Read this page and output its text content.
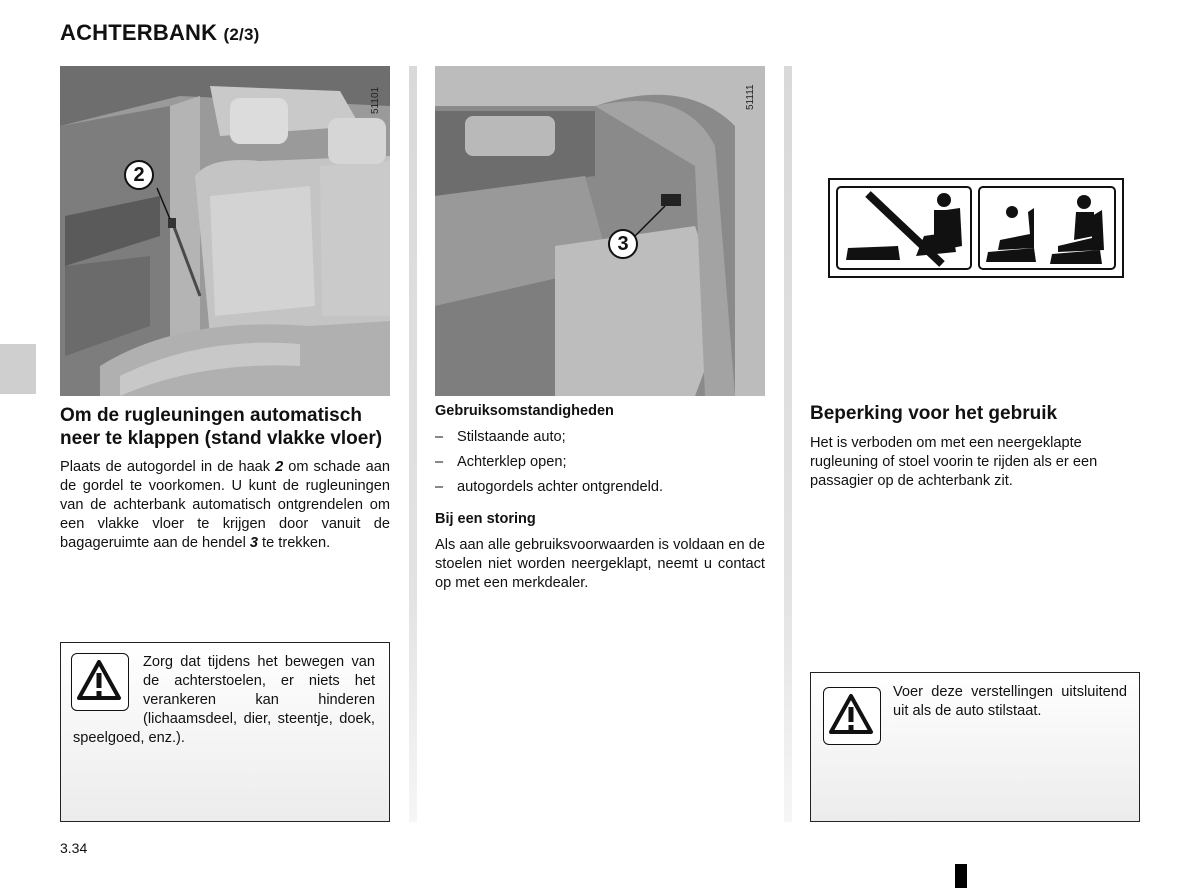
ACHTERBANK (2/3)
2
51101
Om de rugleuningen automatisch neer te klappen (stand vlakke vloer)

Plaats de autogordel in de haak 2 om schade aan de gordel te voorkomen. U kunt de rugleuningen van de achterbank automatisch ontgrendelen om een vlakke vloer te krijgen door vanuit de bagageruimte aan de hendel 3 te trekken.

Zorg dat tijdens het bewegen van de achterstoelen, er niets het verankeren kan hinderen (lichaamsdeel, dier, steentje, doek, speelgoed, enz.).
3
51111
Gebruiksomstandigheden
– Stilstaande auto;
– Achterklep open;
– autogordels achter ontgrendeld.
Bij een storing

Als aan alle gebruiksvoorwaarden is voldaan en de stoelen niet worden neergeklapt, neemt u contact op met een merkdealer.

Beperking voor het gebruik

Het is verboden om met een neergeklapte rugleuning of stoel voorin te rijden als er een passagier op de achterbank zit.

Voer deze verstellingen uitsluitend uit als de auto stilstaat.
3.34
